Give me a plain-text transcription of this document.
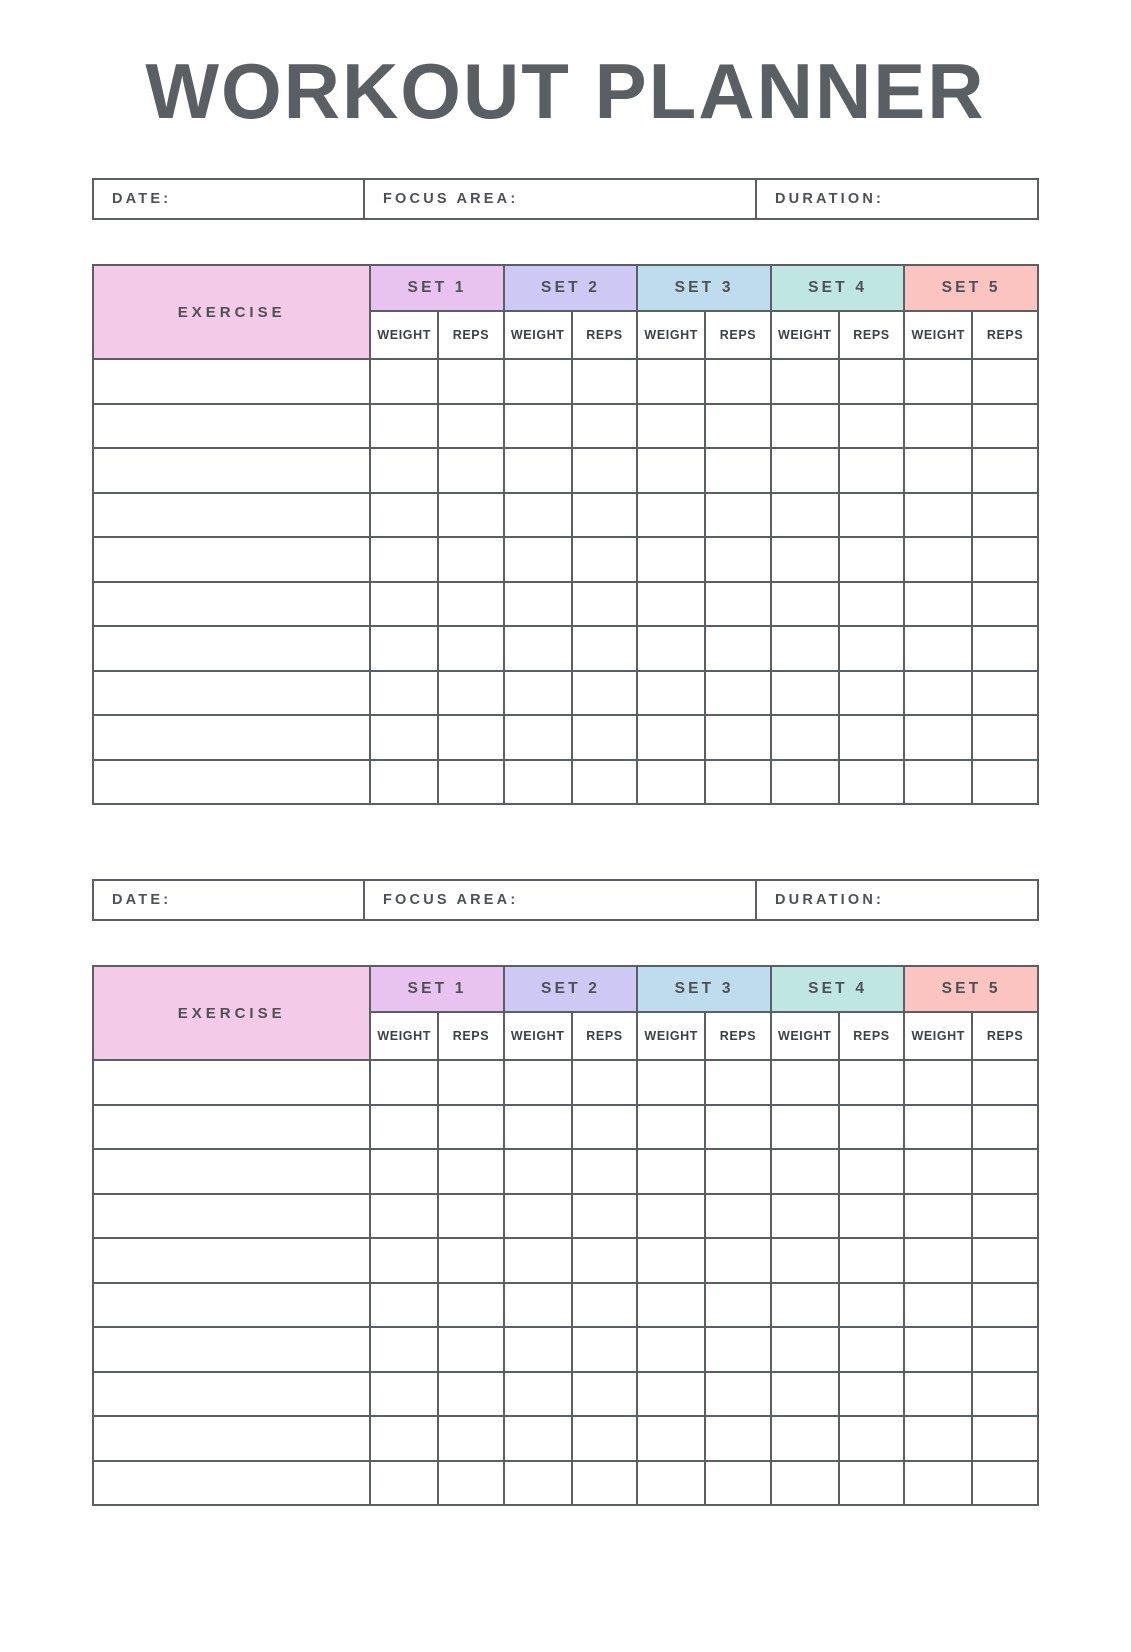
WORKOUT PLANNER
DATE:	FOCUS AREA:	DURATION:
EXERCISE	SET 1		SET 2		SET 3		SET 4		SET 5	
	WEIGHT	REPS	WEIGHT	REPS	WEIGHT	REPS	WEIGHT	REPS	WEIGHT	REPS

DATE:	FOCUS AREA:	DURATION:
EXERCISE	SET 1		SET 2		SET 3		SET 4		SET 5	
	WEIGHT	REPS	WEIGHT	REPS	WEIGHT	REPS	WEIGHT	REPS	WEIGHT	REPS
